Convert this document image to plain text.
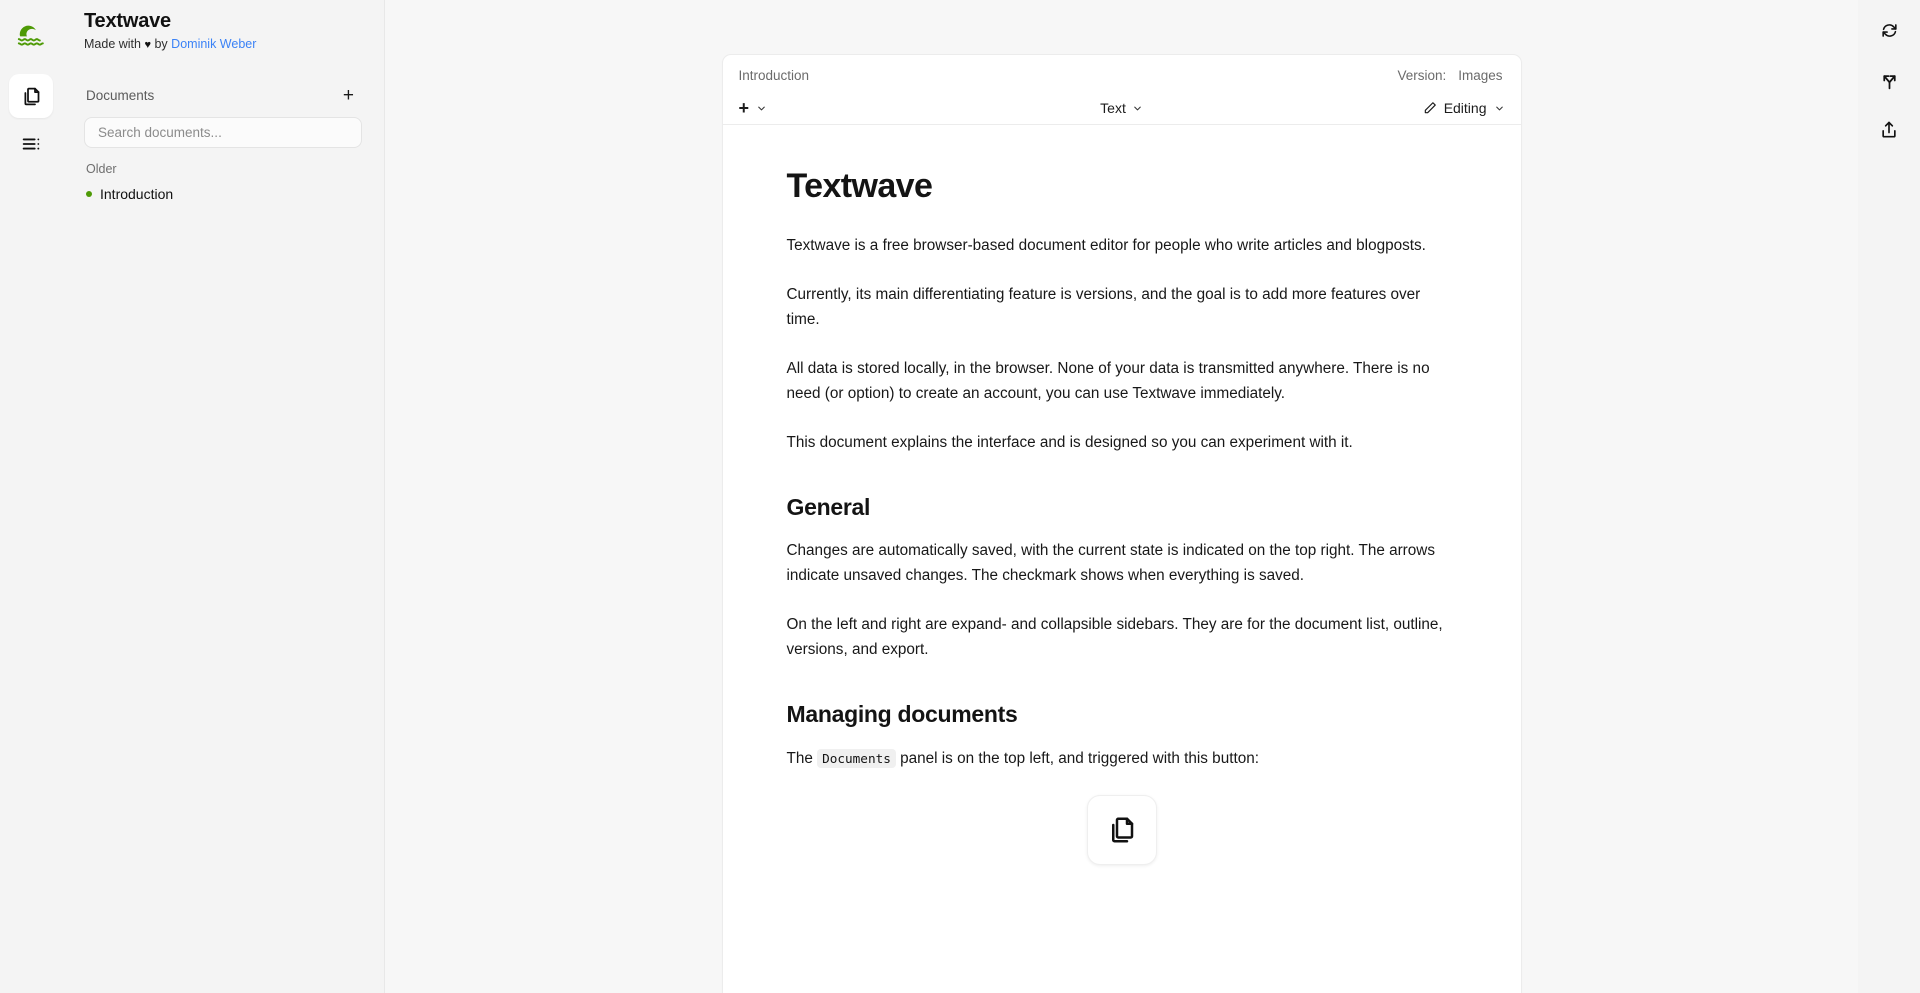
Textwave
Made with ♥ by Dominik Weber
Documents	+
Search documents...
Older
Introduction
Introduction	Version: Images
+	Text	Editing
Textwave

Textwave is a free browser-based document editor for people who write articles and blogposts.

Currently, its main differentiating feature is versions, and the goal is to add more features over time.

All data is stored locally, in the browser. None of your data is transmitted anywhere. There is no need (or option) to create an account, you can use Textwave immediately.

This document explains the interface and is designed so you can experiment with it.

General

Changes are automatically saved, with the current state is indicated on the top right. The arrows indicate unsaved changes. The checkmark shows when everything is saved.

On the left and right are expand- and collapsible sidebars. They are for the document list, outline, versions, and export.

Managing documents

The Documents panel is on the top left, and triggered with this button:
